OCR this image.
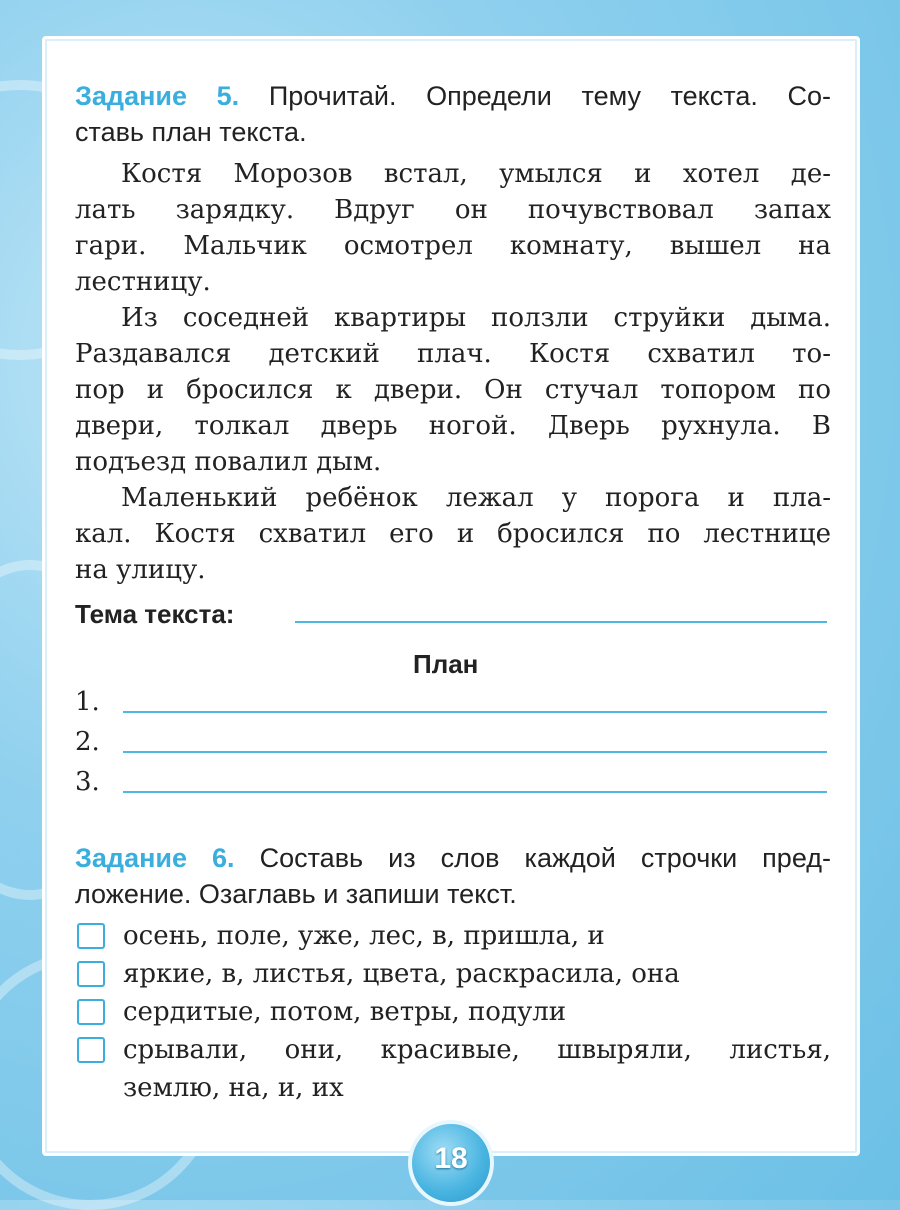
Задание 5. Прочитай. Определи тему текста. Со-
ставь план текста.
Костя Морозов встал, умылся и хотел де-
лать зарядку. Вдруг он почувствовал запах
гари. Мальчик осмотрел комнату, вышел на
лестницу.
Из соседней квартиры ползли струйки дыма.
Раздавался детский плач. Костя схватил то-
пор и бросился к двери. Он стучал топором по
двери, толкал дверь ногой. Дверь рухнула. В
подъезд повалил дым.
Маленький ребёнок лежал у порога и пла-
кал. Костя схватил его и бросился по лестнице
на улицу.
Тема текста:
План
1.
2.
3.
Задание 6. Составь из слов каждой строчки пред-
ложение. Озаглавь и запиши текст.
осень, поле, уже, лес, в, пришла, и
яркие, в, листья, цвета, раскрасила, она
сердитые, потом, ветры, подули
срывали, они, красивые, швыряли, листья,
землю, на, и, их
18
